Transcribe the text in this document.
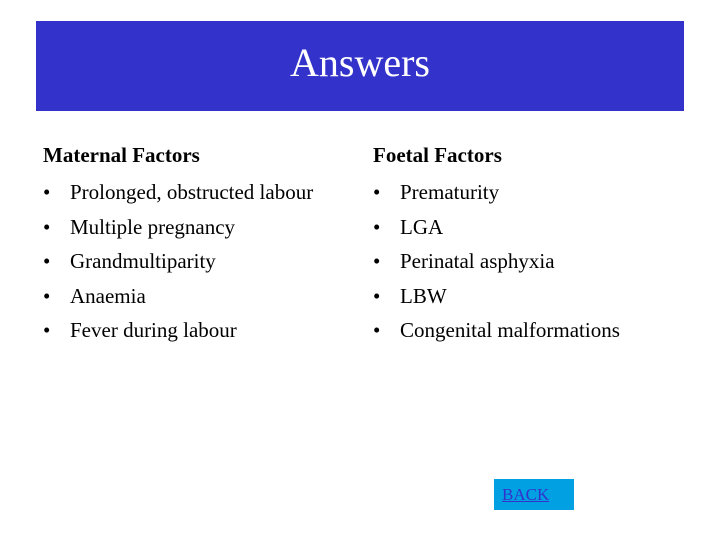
Answers
Maternal Factors
• Prolonged, obstructed labour
• Multiple pregnancy
• Grandmultiparity
• Anaemia
• Fever during labour
Foetal Factors
• Prematurity
• LGA
• Perinatal asphyxia
• LBW
• Congenital malformations
BACK
